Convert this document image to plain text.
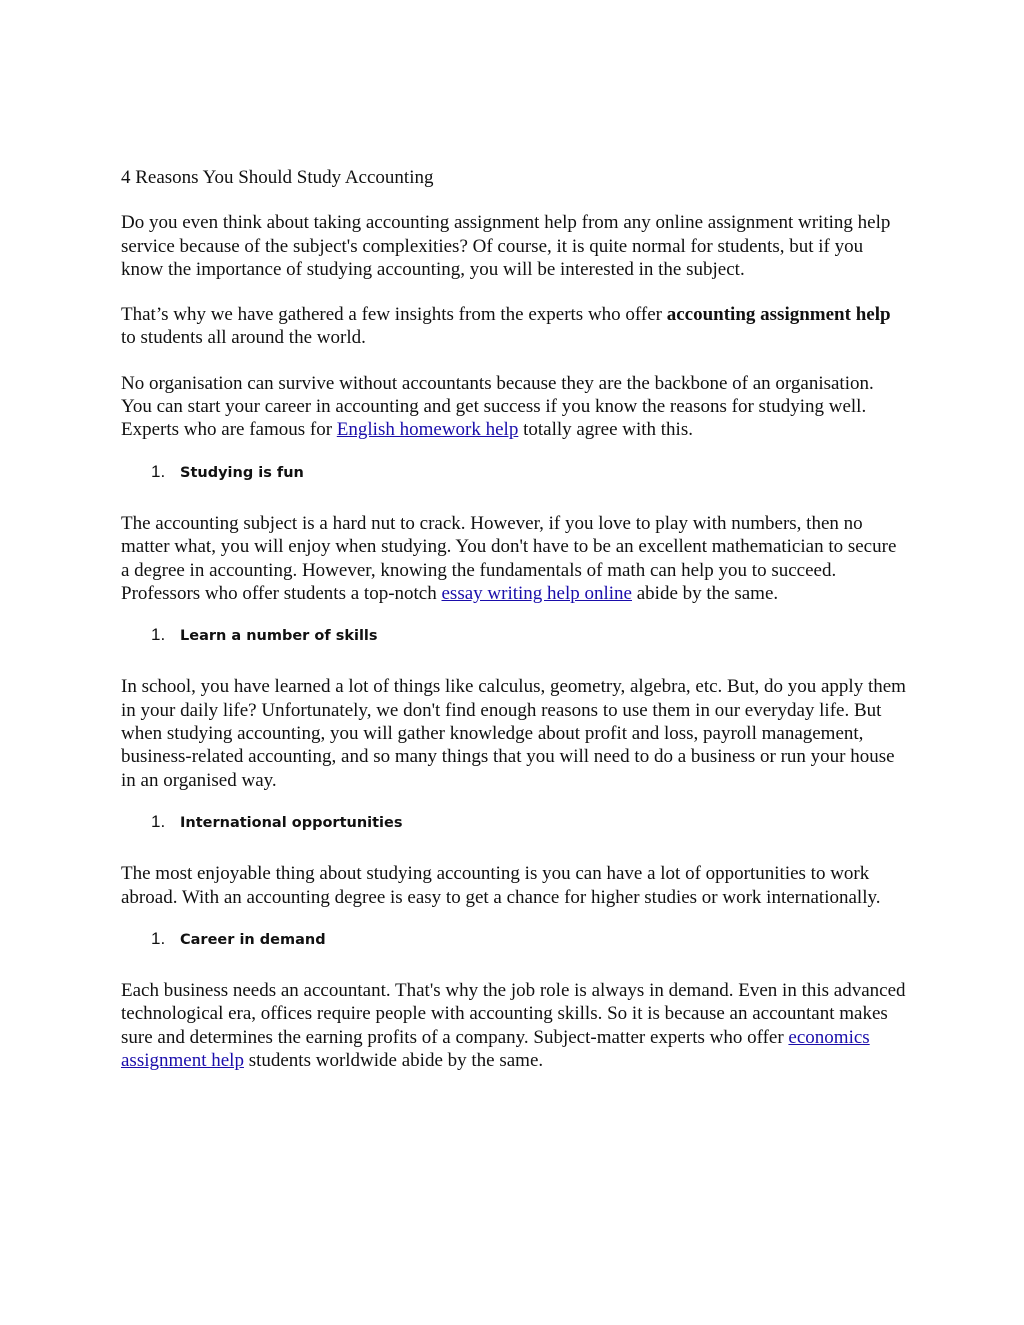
4 Reasons You Should Study Accounting

Do you even think about taking accounting assignment help from any online assignment writing help service because of the subject's complexities? Of course, it is quite normal for students, but if you know the importance of studying accounting, you will be interested in the subject.

That’s why we have gathered a few insights from the experts who offer accounting assignment help to students all around the world.

No organisation can survive without accountants because they are the backbone of an organisation. You can start your career in accounting and get success if you know the reasons for studying well. Experts who are famous for English homework help totally agree with this.

1.	Studying is fun

The accounting subject is a hard nut to crack. However, if you love to play with numbers, then no matter what, you will enjoy when studying. You don't have to be an excellent mathematician to secure a degree in accounting. However, knowing the fundamentals of math can help you to succeed. Professors who offer students a top-notch essay writing help online abide by the same.

1.	Learn a number of skills

In school, you have learned a lot of things like calculus, geometry, algebra, etc. But, do you apply them in your daily life? Unfortunately, we don't find enough reasons to use them in our everyday life. But when studying accounting, you will gather knowledge about profit and loss, payroll management, business-related accounting, and so many things that you will need to do a business or run your house in an organised way.

1.	International opportunities

The most enjoyable thing about studying accounting is you can have a lot of opportunities to work abroad. With an accounting degree is easy to get a chance for higher studies or work internationally.

1.	Career in demand

Each business needs an accountant. That's why the job role is always in demand. Even in this advanced technological era, offices require people with accounting skills. So it is because an accountant makes sure and determines the earning profits of a company. Subject-matter experts who offer economics assignment help students worldwide abide by the same.
